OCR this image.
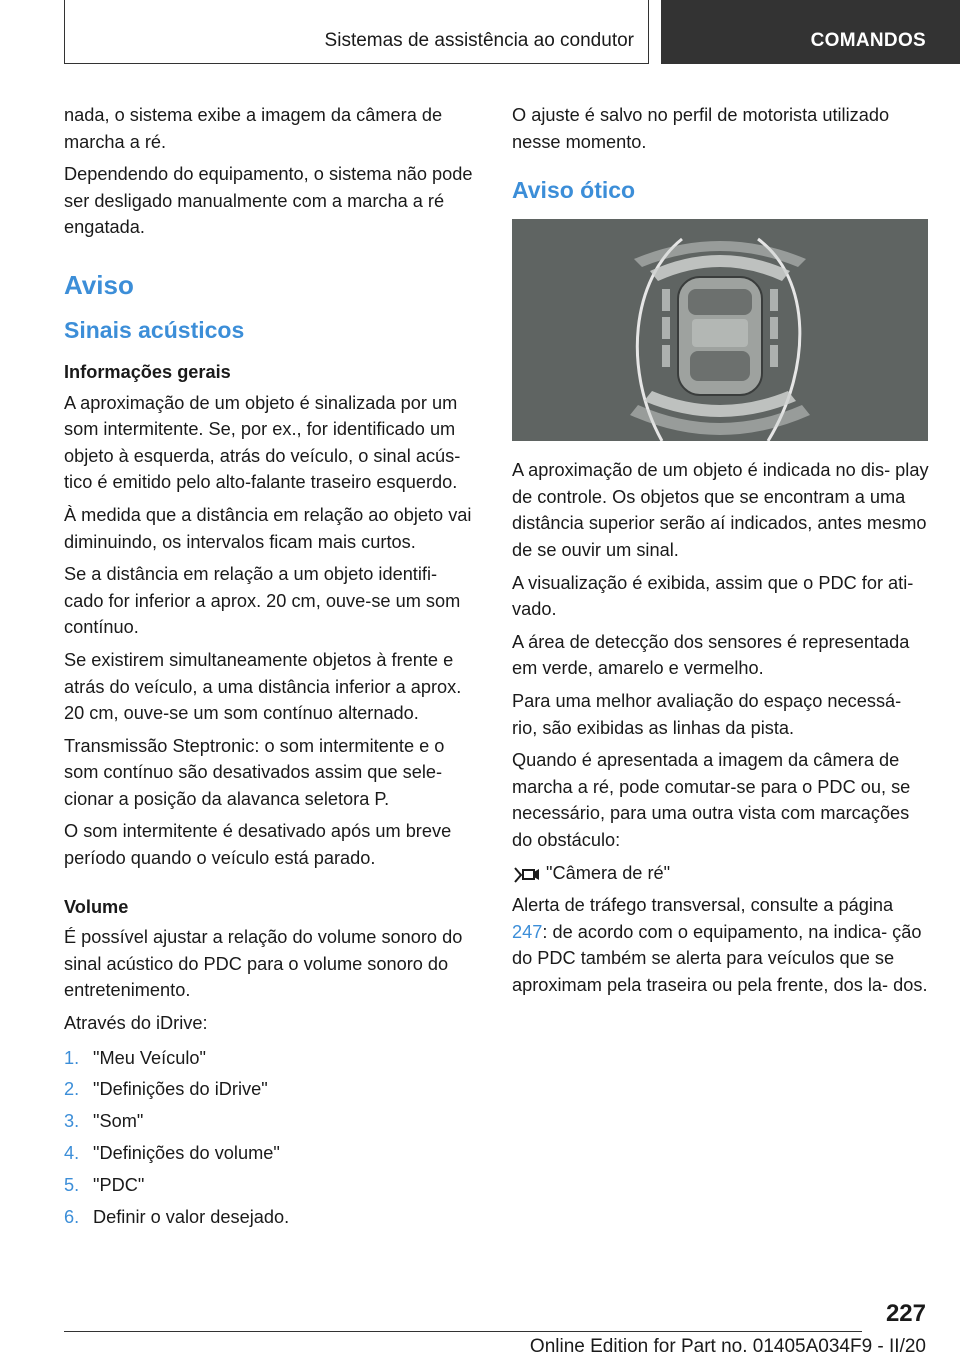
Sistemas de assistência ao condutor	COMANDOS

nada, o sistema exibe a imagem da câmera de marcha a ré.

Dependendo do equipamento, o sistema não pode ser desligado manualmente com a marcha a ré engatada.

Aviso
Sinais acústicos
Informações gerais

A aproximação de um objeto é sinalizada por um som intermitente. Se, por ex., for identificado um objeto à esquerda, atrás do veículo, o sinal acús- tico é emitido pelo alto-falante traseiro esquerdo.

À medida que a distância em relação ao objeto vai diminuindo, os intervalos ficam mais curtos.

Se a distância em relação a um objeto identifi- cado for inferior a aprox. 20 cm, ouve-se um som contínuo.

Se existirem simultaneamente objetos à frente e atrás do veículo, a uma distância inferior a aprox. 20 cm, ouve-se um som contínuo alternado.

Transmissão Steptronic: o som intermitente e o som contínuo são desativados assim que sele- cionar a posição da alavanca seletora P.

O som intermitente é desativado após um breve período quando o veículo está parado.

Volume

É possível ajustar a relação do volume sonoro do sinal acústico do PDC para o volume sonoro do entretenimento.

Através do iDrive:

1. "Meu Veículo"
2. "Definições do iDrive"
3. "Som"
4. "Definições do volume"
5. "PDC"
6. Definir o valor desejado.

O ajuste é salvo no perfil de motorista utilizado nesse momento.

Aviso ótico

A aproximação de um objeto é indicada no dis- play de controle. Os objetos que se encontram a uma distância superior serão aí indicados, antes mesmo de se ouvir um sinal.

A visualização é exibida, assim que o PDC for ati- vado.

A área de detecção dos sensores é representada em verde, amarelo e vermelho.

Para uma melhor avaliação do espaço necessá- rio, são exibidas as linhas da pista.

Quando é apresentada a imagem da câmera de marcha a ré, pode comutar-se para o PDC ou, se necessário, para uma outra vista com marcações do obstáculo:

"Câmera de ré"

Alerta de tráfego transversal, consulte a página 247: de acordo com o equipamento, na indica- ção do PDC também se alerta para veículos que se aproximam pela traseira ou pela frente, dos la- dos.

227
Online Edition for Part no. 01405A034F9 - II/20
